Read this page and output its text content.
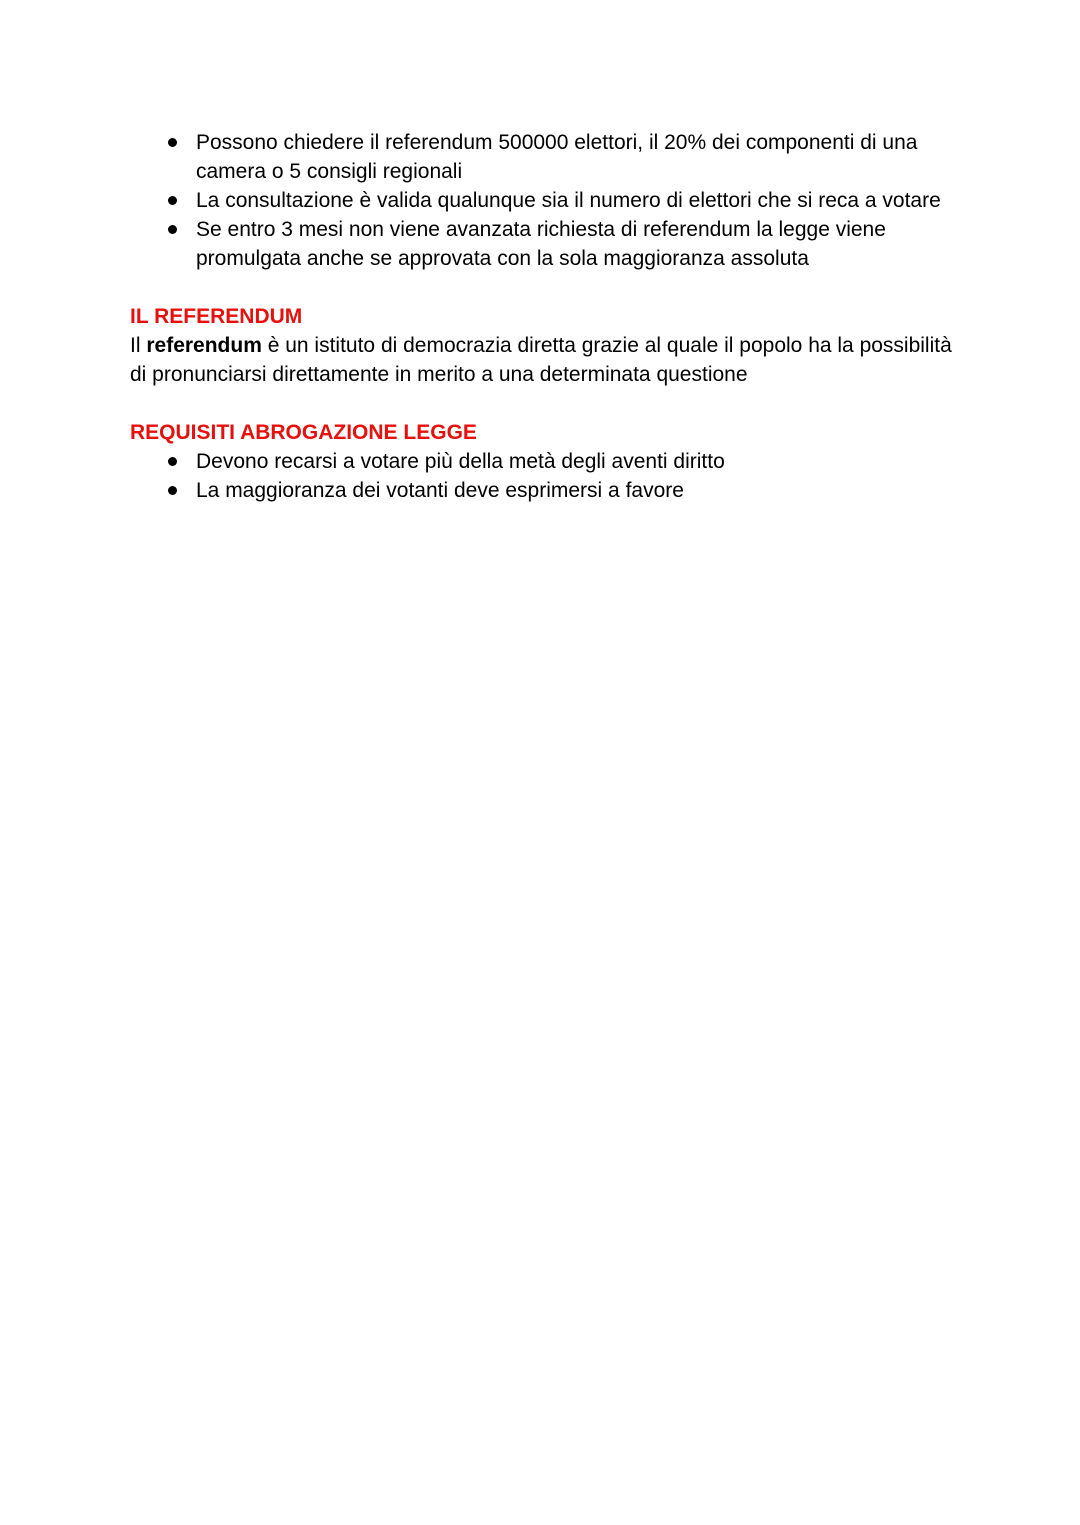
Possono chiedere il referendum 500000 elettori, il 20% dei componenti di una camera o 5 consigli regionali
La consultazione è valida qualunque sia il numero di elettori che si reca a votare
Se entro 3 mesi non viene avanzata richiesta di referendum la legge viene promulgata anche se approvata con la sola maggioranza assoluta

IL REFERENDUM

Il referendum è un istituto di democrazia diretta grazie al quale il popolo ha la possibilità di pronunciarsi direttamente in merito a una determinata questione

REQUISITI ABROGAZIONE LEGGE

Devono recarsi a votare più della metà degli aventi diritto
La maggioranza dei votanti deve esprimersi a favore
